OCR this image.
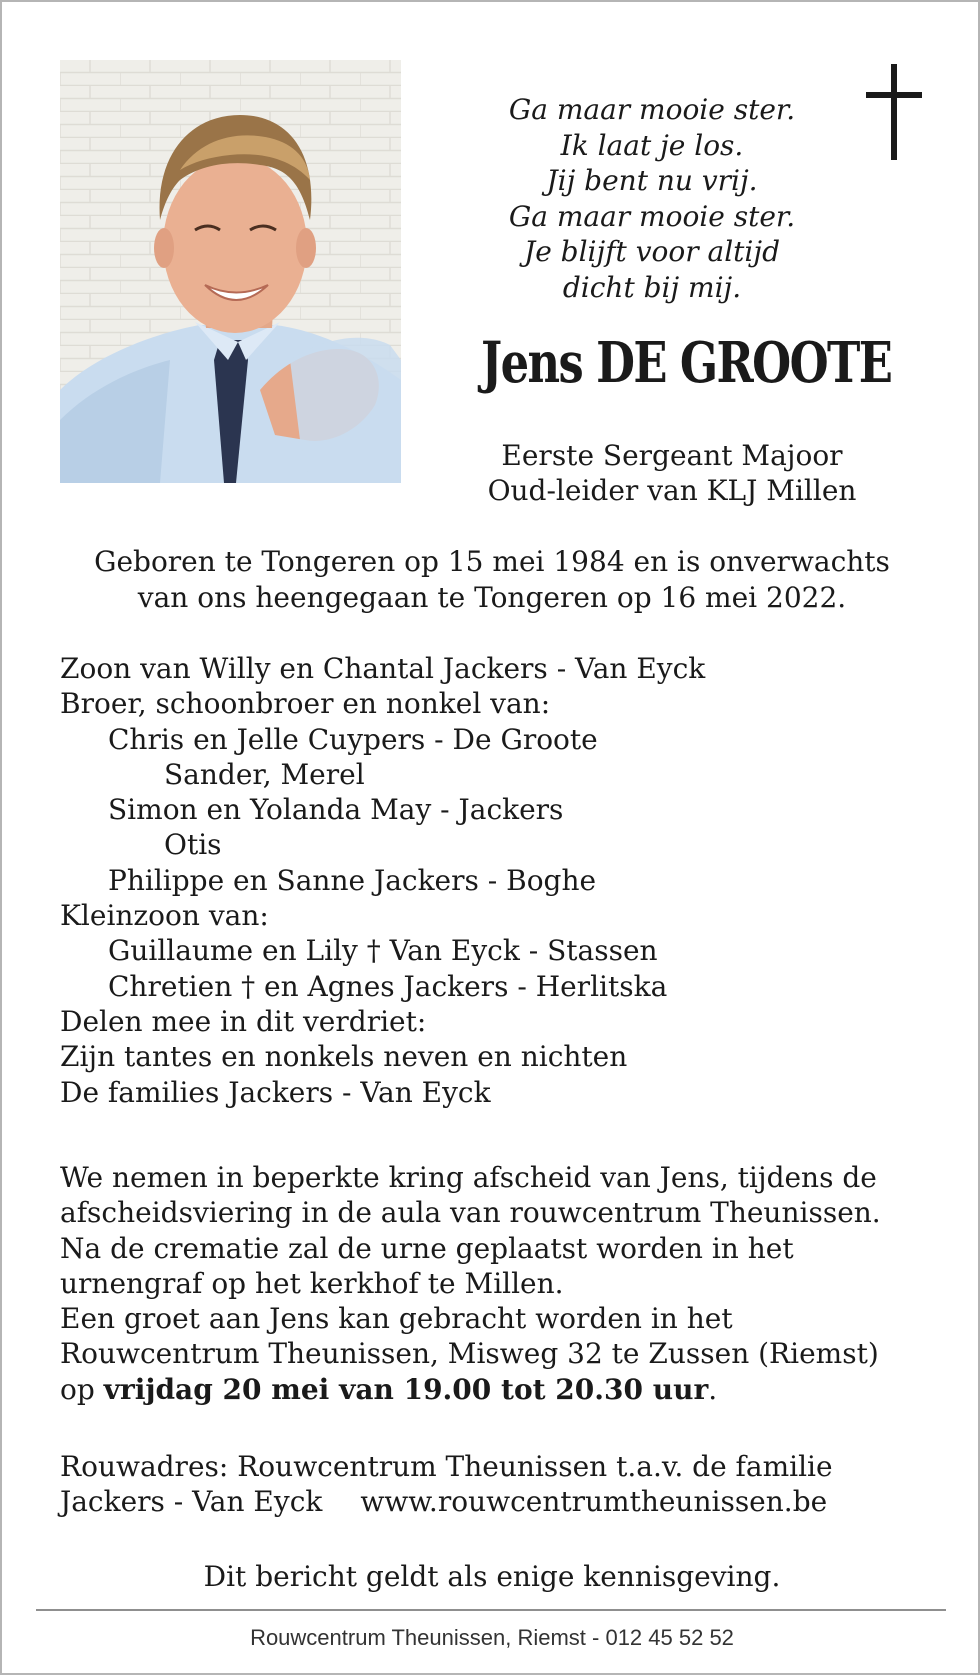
Ga maar mooie ster.
Ik laat je los.
Jij bent nu vrij.
Ga maar mooie ster.
Je blijft voor altijd
dicht bij mij.
Jens DE GROOTE
Eerste Sergeant Majoor
Oud-leider van KLJ Millen
Geboren te Tongeren op 15 mei 1984 en is onverwachts
van ons heengegaan te Tongeren op 16 mei 2022.
Zoon van Willy en Chantal Jackers - Van Eyck
Broer, schoonbroer en nonkel van:
Chris en Jelle Cuypers - De Groote
Sander, Merel
Simon en Yolanda May - Jackers
Otis
Philippe en Sanne Jackers - Boghe
Kleinzoon van:
Guillaume en Lily † Van Eyck - Stassen
Chretien † en Agnes Jackers - Herlitska
Delen mee in dit verdriet:
Zijn tantes en nonkels neven en nichten
De families Jackers - Van Eyck
We nemen in beperkte kring afscheid van Jens, tijdens de
afscheidsviering in de aula van rouwcentrum Theunissen.
Na de crematie zal de urne geplaatst worden in het
urnengraf op het kerkhof te Millen.
Een groet aan Jens kan gebracht worden in het
Rouwcentrum Theunissen, Misweg 32 te Zussen (Riemst)
op vrijdag 20 mei van 19.00 tot 20.30 uur.
Rouwadres: Rouwcentrum Theunissen t.a.v. de familie
Jackers - Van Eyck www.rouwcentrumtheunissen.be
Dit bericht geldt als enige kennisgeving.
Rouwcentrum Theunissen, Riemst - 012 45 52 52
